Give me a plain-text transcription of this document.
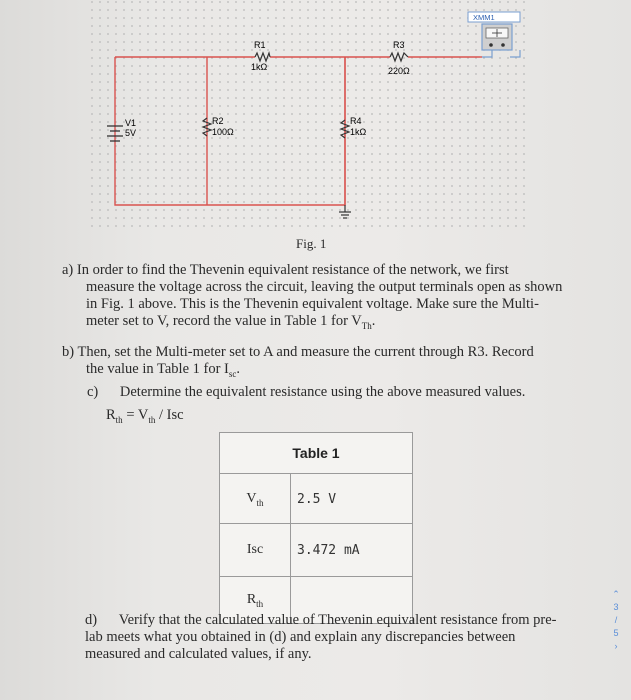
V1
5V
R1
1kΩ
R2
100Ω
R3
220Ω
R4
1kΩ
XMM1
Fig. 1
a) In order to find the Thevenin equivalent resistance of the network, we first
measure the voltage across the circuit, leaving the output terminals open as shown
in Fig. 1 above. This is the Thevenin equivalent voltage. Make sure the Multi-
meter set to V, record the value in Table 1 for $V_{Th}$.
b) Then, set the Multi-meter set to A and measure the current through R3. Record
the value in Table 1 for $I_{sc}$.
c) Determine the equivalent resistance using the above measured values.
$R_{th} = V_{th}$ / Isc
Table 1	
$V_{th}$	2.5 V
Isc	3.472 mA
$R_{th}$	
d) Verify that the calculated value of Thevenin equivalent resistance from pre-
lab meets what you obtained in (d) and explain any discrepancies between
measured and calculated values, if any.
⌃
3
/
5
›
